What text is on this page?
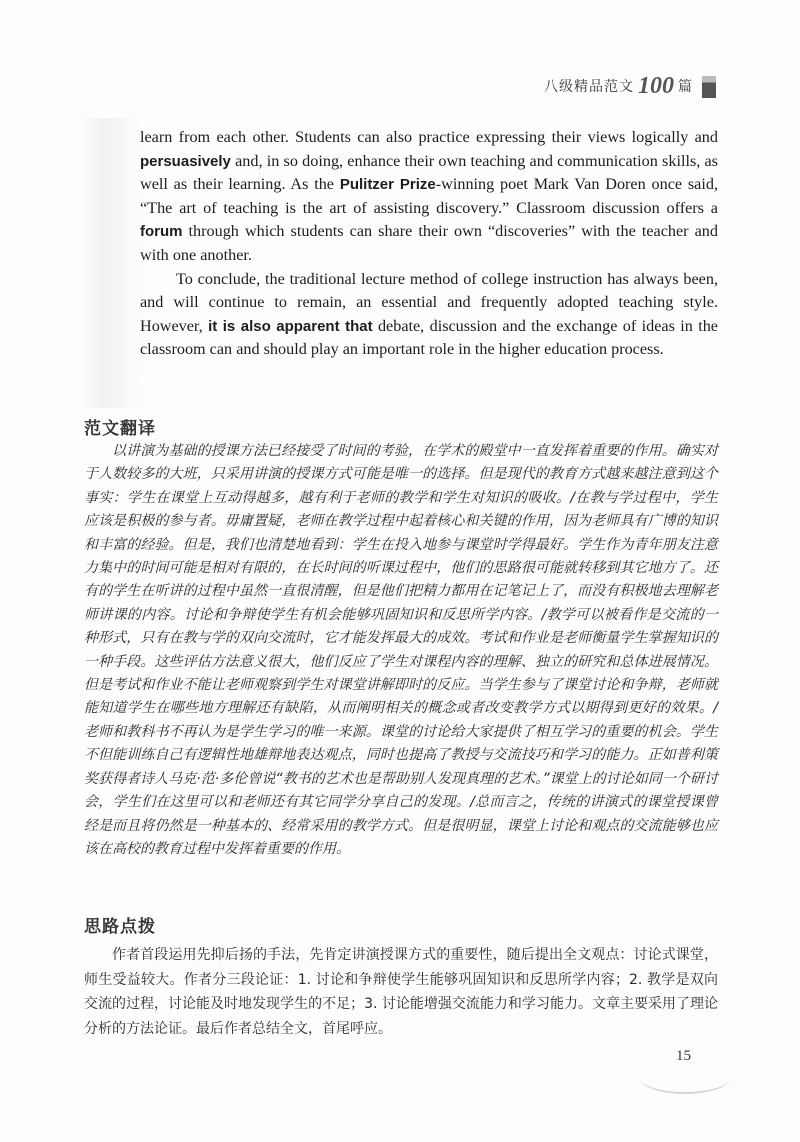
八级精品范文 100 篇

learn from each other. Students can also practice expressing their views logically and persuasively and, in so doing, enhance their own teaching and communication skills, as well as their learning. As the Pulitzer Prize-winning poet Mark Van Doren once said, “The art of teaching is the art of assisting discovery.” Classroom discussion offers a forum through which students can share their own “discoveries” with the teacher and with one another.

To conclude, the traditional lecture method of college instruction has always been, and will continue to remain, an essential and frequently adopted teaching style. However, it is also apparent that debate, discussion and the exchange of ideas in the classroom can and should play an important role in the higher education process.

范文翻译
以讲演为基础的授课方法已经接受了时间的考验，在学术的殿堂中一直发挥着重要的作用。确实对于人数较多的大班，只采用讲演的授课方式可能是唯一的选择。但是现代的教育方式越来越注意到这个事实：学生在课堂上互动得越多，越有利于老师的教学和学生对知识的吸收。/在教与学过程中，学生应该是积极的参与者。毋庸置疑，老师在教学过程中起着核心和关键的作用，因为老师具有广博的知识和丰富的经验。但是，我们也清楚地看到：学生在投入地参与课堂时学得最好。学生作为青年朋友注意力集中的时间可能是相对有限的，在长时间的听课过程中，他们的思路很可能就转移到其它地方了。还有的学生在听讲的过程中虽然一直很清醒，但是他们把精力都用在记笔记上了，而没有积极地去理解老师讲课的内容。讨论和争辩使学生有机会能够巩固知识和反思所学内容。/教学可以被看作是交流的一种形式，只有在教与学的双向交流时，它才能发挥最大的成效。考试和作业是老师衡量学生掌握知识的一种手段。这些评估方法意义很大，他们反应了学生对课程内容的理解、独立的研究和总体进展情况。但是考试和作业不能让老师观察到学生对课堂讲解即时的反应。当学生参与了课堂讨论和争辩，老师就能知道学生在哪些地方理解还有缺陷，从而阐明相关的概念或者改变教学方式以期得到更好的效果。/老师和教科书不再认为是学生学习的唯一来源。课堂的讨论给大家提供了相互学习的重要的机会。学生不但能训练自己有逻辑性地雄辩地表达观点，同时也提高了教授与交流技巧和学习的能力。正如普利策奖获得者诗人马克·范·多伦曾说“教书的艺术也是帮助别人发现真理的艺术。”课堂上的讨论如同一个研讨会，学生们在这里可以和老师还有其它同学分享自己的发现。/总而言之，传统的讲演式的课堂授课曾经是而且将仍然是一种基本的、经常采用的教学方式。但是很明显，课堂上讨论和观点的交流能够也应该在高校的教育过程中发挥着重要的作用。
思路点拨
作者首段运用先抑后扬的手法，先肯定讲演授课方式的重要性，随后提出全文观点：讨论式课堂，师生受益较大。作者分三段论证：1. 讨论和争辩使学生能够巩固知识和反思所学内容；2. 教学是双向交流的过程，讨论能及时地发现学生的不足；3. 讨论能增强交流能力和学习能力。文章主要采用了理论分析的方法论证。最后作者总结全文，首尾呼应。
15
